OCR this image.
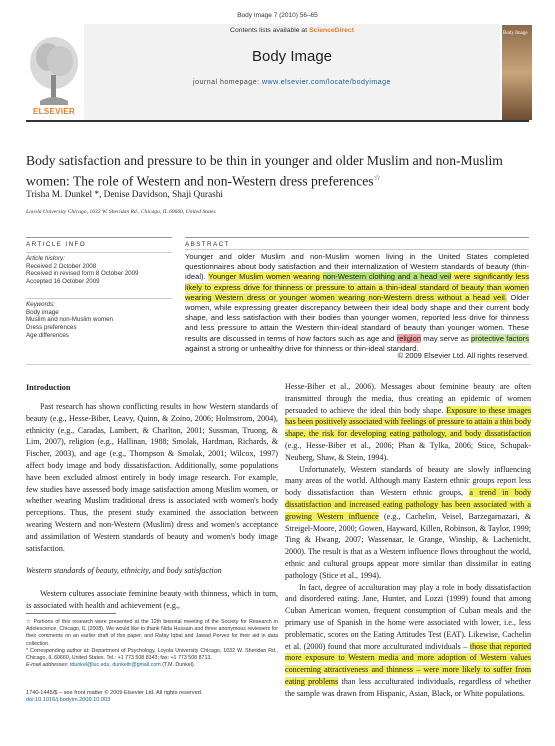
Body Image 7 (2010) 56–65
Contents lists available at ScienceDirect
Body Image
journal homepage: www.elsevier.com/locate/bodyimage
ELSEVIER
Body Image
Body satisfaction and pressure to be thin in younger and older Muslim and non-Muslim women: The role of Western and non-Western dress preferences☆
Trisha M. Dunkel *, Denise Davidson, Shaji Qurashi
Loyola University Chicago, 1032 W. Sheridan Rd., Chicago, IL 60660, United States
ARTICLE INFO	ABSTRACT
Article history:
Received 2 October 2008
Received in revised form 8 October 2009
Accepted 16 October 2009
Keywords:
Body image
Muslim and non-Muslim women
Dress preferences
Age differences
Younger and older Muslim and non-Muslim women living in the United States completed questionnaires about body satisfaction and their internalization of Western standards of beauty (thin-ideal). Younger Muslim women wearing non-Western clothing and a head veil were significantly less likely to express drive for thinness or pressure to attain a thin-ideal standard of beauty than women wearing Western dress or younger women wearing non-Western dress without a head veil. Older women, while expressing greater discrepancy between their ideal body shape and their current body shape, and less satisfaction with their bodies than younger women, reported less drive for thinness and less pressure to attain the Western thin-ideal standard of beauty than younger women. These results are discussed in terms of how factors such as age and religion may serve as protective factors against a strong or unhealthy drive for thinness or thin-ideal standard.
© 2009 Elsevier Ltd. All rights reserved.
Introduction

Past research has shown conflicting results in how Western standards of beauty (e.g., Hesse-Biber, Leavy, Quinn, & Zoino, 2006; Holmstrom, 2004), ethnicity (e.g., Caradas, Lambert, & Charlton, 2001; Sussman, Truong, & Lim, 2007), religion (e.g., Hallinan, 1988; Smolak, Hardman, Richards, & Fischer, 2003), and age (e.g., Thompson & Smolak, 2001; Wilcox, 1997) affect body image and body dissatisfaction. Additionally, some populations have been excluded almost entirely in body image research. For example, few studies have assessed body image satisfaction among Muslim women, or whether wearing Muslim traditional dress is associated with women's body perceptions. Thus, the present study examined the association between wearing Western and non-Western (Muslim) dress and women's acceptance and assimilation of Western standards of beauty and women's body image satisfaction.

Western standards of beauty, ethnicity, and body satisfaction

Western cultures associate feminine beauty with thinness, which in turn, is associated with health and achievement (e.g.,

Hesse-Biber et al., 2006). Messages about feminine beauty are often transmitted through the media, thus creating an epidemic of women persuaded to achieve the ideal thin body shape. Exposure to these images has been positively associated with feelings of pressure to attain a thin body shape, the risk for developing eating pathology, and body dissatisfaction (e.g., Hesse-Biber et al., 2006; Phan & Tylka, 2006; Stice, Schupak-Neuberg, Shaw, & Stein, 1994).

Unfortunately, Western standards of beauty are slowly influencing many areas of the world. Although many Eastern ethnic groups report less body dissatisfaction than Western ethnic groups, a trend in body dissatisfaction and increased eating pathology has been associated with a growing Western influence (e.g., Cachelin, Veisel, Barzegarnazari, & Streigel-Moore, 2000; Gowen, Hayward, Killen, Robinson, & Taylor, 1999; Ting & Hwang, 2007; Wassenaar, le Grange, Winship, & Lachenicht, 2000). The result is that as a Western influence flows throughout the world, ethnic and cultural groups appear more similar than dissimilar in eating pathology (Stice et al., 1994).

In fact, degree of acculturation may play a role in body dissatisfaction and disordered eating. Jane, Hunter, and Lozzi (1999) found that among Cuban American women, frequent consumption of Cuban meals and the primary use of Spanish in the home were associated with lower, i.e., less problematic, scores on the Eating Attitudes Test (EAT). Likewise, Cachelin et al. (2000) found that more acculturated individuals – those that reported more exposure to Western media and more adoption of Western values concerning attractiveness and thinness – were more likely to suffer from eating problems than less acculturated individuals, regardless of whether the sample was drawn from Hispanic, Asian, Black, or White populations.

☆ Portions of this research were presented at the 12th biennial meeting of the Society for Research in Adolescence, Chicago, IL (2008). We would like to thank Nida Hussain and three anonymous reviewers for their comments on an earlier draft of this paper, and Rafay Iqbal and Jawad Pervez for their aid in data collection.
* Corresponding author at: Department of Psychology, Loyola University Chicago, 1032 W. Sheridan Rd., Chicago, IL 60660, United States. Tel.: +1 773 508 8343; fax: +1 773 508 8713.
E-mail addresses: tdunkel@luc.edu, dunkeltr@gmail.com (T.M. Dunkel).
1740-1445/$ – see front matter © 2009 Elsevier Ltd. All rights reserved.
doi:10.1016/j.bodyim.2009.10.003
